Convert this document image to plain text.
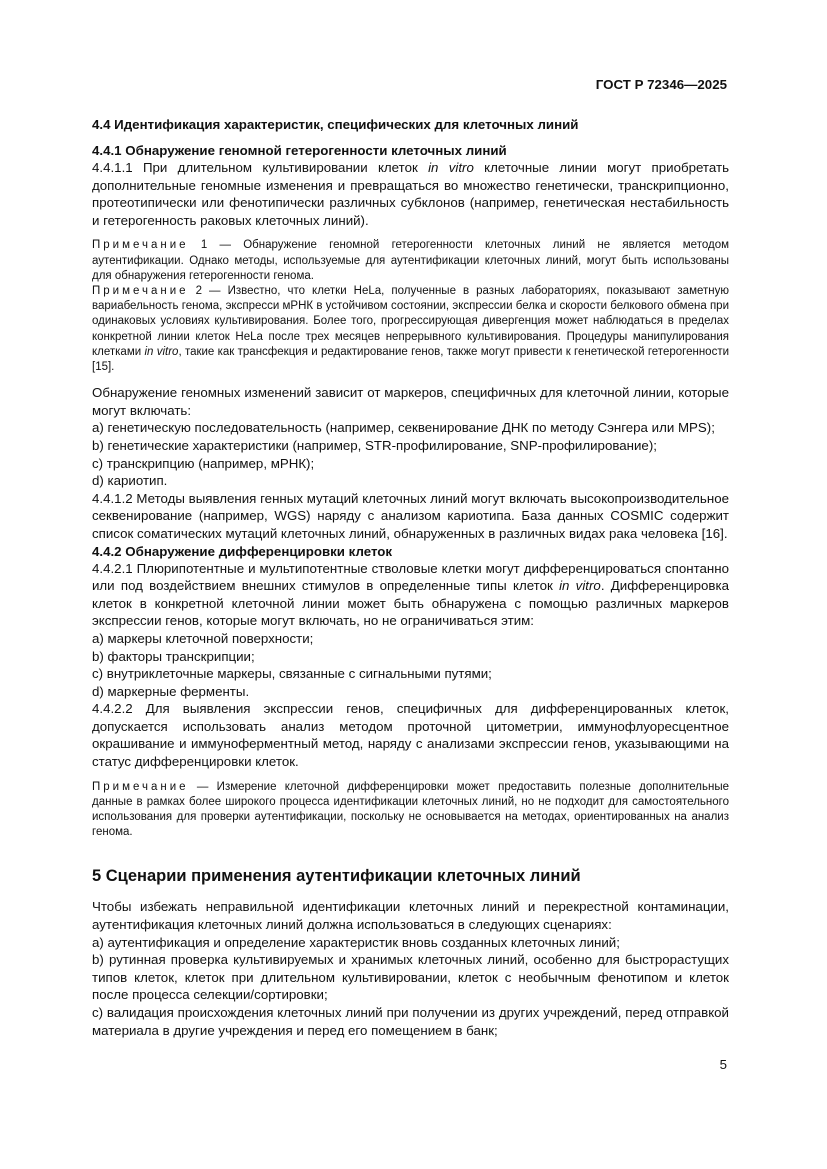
ГОСТ Р 72346—2025
4.4 Идентификация характеристик, специфических для клеточных линий
4.4.1 Обнаружение геномной гетерогенности клеточных линий

4.4.1.1 При длительном культивировании клеток in vitro клеточные линии могут приобретать дополнительные геномные изменения и превращаться во множество генетически, транскрипционно, протеотипически или фенотипически различных субклонов (например, генетическая нестабильность и гетерогенность раковых клеточных линий).

Примечание 1 — Обнаружение геномной гетерогенности клеточных линий не является методом аутентификации. Однако методы, используемые для аутентификации клеточных линий, могут быть использованы для обнаружения гетерогенности генома.

Примечание 2 — Известно, что клетки HeLa, полученные в разных лабораториях, показывают заметную вариабельность генома, экспресси мРНК в устойчивом состоянии, экспрессии белка и скорости белкового обмена при одинаковых условиях культивирования. Более того, прогрессирующая дивергенция может наблюдаться в пределах конкретной линии клеток HeLa после трех месяцев непрерывного культивирования. Процедуры манипулирования клетками in vitro, такие как трансфекция и редактирование генов, также могут привести к генетической гетерогенности [15].

Обнаружение геномных изменений зависит от маркеров, специфичных для клеточной линии, которые могут включать:

a) генетическую последовательность (например, секвенирование ДНК по методу Сэнгера или MPS);

b) генетические характеристики (например, STR-профилирование, SNP-профилирование);

c) транскрипцию (например, мРНК);

d) кариотип.

4.4.1.2 Методы выявления генных мутаций клеточных линий могут включать высокопроизводительное секвенирование (например, WGS) наряду с анализом кариотипа. База данных COSMIC содержит список соматических мутаций клеточных линий, обнаруженных в различных видах рака человека [16].

4.4.2 Обнаружение дифференцировки клеток

4.4.2.1 Плюрипотентные и мультипотентные стволовые клетки могут дифференцироваться спонтанно или под воздействием внешних стимулов в определенные типы клеток in vitro. Дифференцировка клеток в конкретной клеточной линии может быть обнаружена с помощью различных маркеров экспрессии генов, которые могут включать, но не ограничиваться этим:

a) маркеры клеточной поверхности;

b) факторы транскрипции;

c) внутриклеточные маркеры, связанные с сигнальными путями;

d) маркерные ферменты.

4.4.2.2 Для выявления экспрессии генов, специфичных для дифференцированных клеток, допускается использовать анализ методом проточной цитометрии, иммунофлуоресцентное окрашивание и иммуноферментный метод, наряду с анализами экспрессии генов, указывающими на статус дифференцировки клеток.

Примечание — Измерение клеточной дифференцировки может предоставить полезные дополнительные данные в рамках более широкого процесса идентификации клеточных линий, но не подходит для самостоятельного использования для проверки аутентификации, поскольку не основывается на методах, ориентированных на анализ генома.

5 Сценарии применения аутентификации клеточных линий

Чтобы избежать неправильной идентификации клеточных линий и перекрестной контаминации, аутентификация клеточных линий должна использоваться в следующих сценариях:

a) аутентификация и определение характеристик вновь созданных клеточных линий;

b) рутинная проверка культивируемых и хранимых клеточных линий, особенно для быстрорастущих типов клеток, клеток при длительном культивировании, клеток с необычным фенотипом и клеток после процесса селекции/сортировки;

c) валидация происхождения клеточных линий при получении из других учреждений, перед отправкой материала в другие учреждения и перед его помещением в банк;

5
